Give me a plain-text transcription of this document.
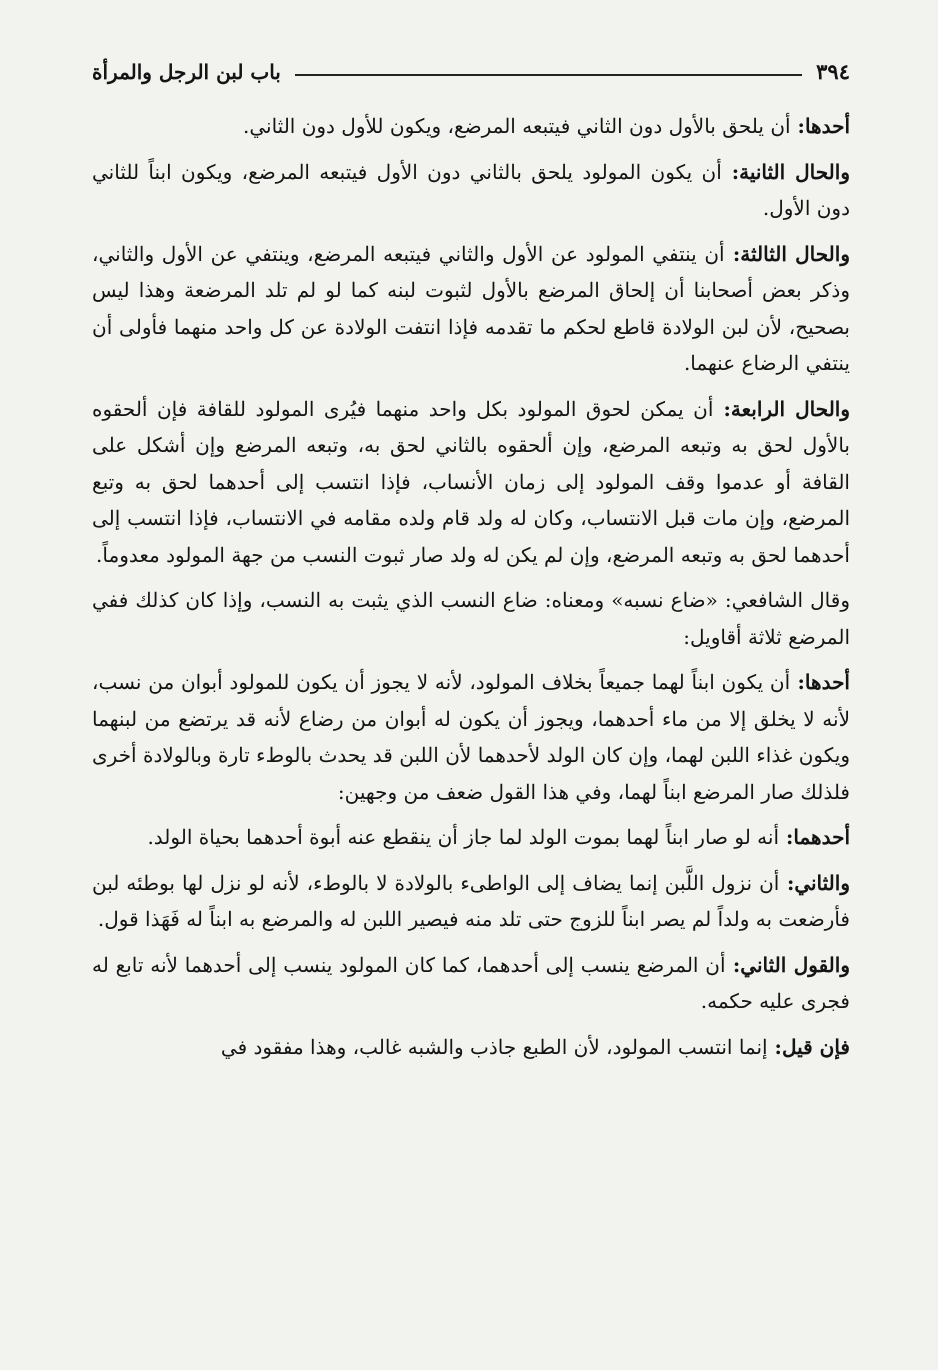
٣٩٤
باب لبن الرجل والمرأة

أحدها: أن يلحق بالأول دون الثاني فيتبعه المرضع، ويكون للأول دون الثاني.

والحال الثانية: أن يكون المولود يلحق بالثاني دون الأول فيتبعه المرضع، ويكون ابناً للثاني دون الأول.

والحال الثالثة: أن ينتفي المولود عن الأول والثاني فيتبعه المرضع، وينتفي عن الأول والثاني، وذكر بعض أصحابنا أن إلحاق المرضع بالأول لثبوت لبنه كما لو لم تلد المرضعة وهذا ليس بصحيح، لأن لبن الولادة قاطع لحكم ما تقدمه فإذا انتفت الولادة عن كل واحد منهما فأولى أن ينتفي الرضاع عنهما.

والحال الرابعة: أن يمكن لحوق المولود بكل واحد منهما فيُرى المولود للقافة فإن ألحقوه بالأول لحق به وتبعه المرضع، وإن ألحقوه بالثاني لحق به، وتبعه المرضع وإن أشكل على القافة أو عدموا وقف المولود إلى زمان الأنساب، فإذا انتسب إلى أحدهما لحق به وتبع المرضع، وإن مات قبل الانتساب، وكان له ولد قام ولده مقامه في الانتساب، فإذا انتسب إلى أحدهما لحق به وتبعه المرضع، وإن لم يكن له ولد صار ثبوت النسب من جهة المولود معدوماً.

وقال الشافعي: «ضاع نسبه» ومعناه: ضاع النسب الذي يثبت به النسب، وإذا كان كذلك ففي المرضع ثلاثة أقاويل:

أحدها: أن يكون ابناً لهما جميعاً بخلاف المولود، لأنه لا يجوز أن يكون للمولود أبوان من نسب، لأنه لا يخلق إلا من ماء أحدهما، ويجوز أن يكون له أبوان من رضاع لأنه قد يرتضع من لبنهما ويكون غذاء اللبن لهما، وإن كان الولد لأحدهما لأن اللبن قد يحدث بالوطء تارة وبالولادة أخرى فلذلك صار المرضع ابناً لهما، وفي هذا القول ضعف من وجهين:

أحدهما: أنه لو صار ابناً لهما بموت الولد لما جاز أن ينقطع عنه أبوة أحدهما بحياة الولد.

والثاني: أن نزول اللَّبن إنما يضاف إلى الواطىء بالولادة لا بالوطء، لأنه لو نزل لها بوطئه لبن فأرضعت به ولداً لم يصر ابناً للزوج حتى تلد منه فيصير اللبن له والمرضع به ابناً له فَهَذا قول.

والقول الثاني: أن المرضع ينسب إلى أحدهما، كما كان المولود ينسب إلى أحدهما لأنه تابع له فجرى عليه حكمه.

فإن قيل: إنما انتسب المولود، لأن الطبع جاذب والشبه غالب، وهذا مفقود في
